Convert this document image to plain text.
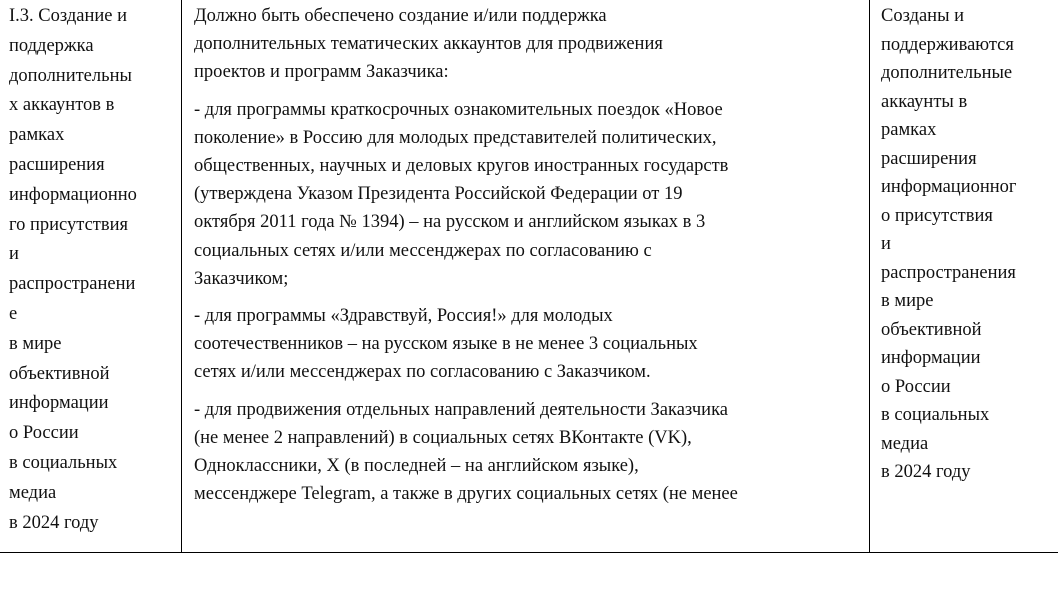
I.3. Создание и
поддержка
дополнительны
х аккаунтов в
рамках
расширения
информационно
го присутствия
и
распространени
е
в мире
объективной
информации
о России
в социальных
медиа
в 2024 году

Должно быть обеспечено создание и/или поддержка
дополнительных тематических аккаунтов для продвижения
проектов и программ Заказчика:

- для программы краткосрочных ознакомительных поездок «Новое
поколение» в Россию для молодых представителей политических,
общественных, научных и деловых кругов иностранных государств
(утверждена Указом Президента Российской Федерации от 19
октября 2011 года № 1394) – на русском и английском языках в 3
социальных сетях и/или мессенджерах по согласованию с
Заказчиком;

- для программы «Здравствуй, Россия!» для молодых
соотечественников – на русском языке в не менее 3 социальных
сетях и/или мессенджерах по согласованию с Заказчиком.

- для продвижения отдельных направлений деятельности Заказчика
(не менее 2 направлений) в социальных сетях ВКонтакте (VK),
Одноклассники, X (в последней – на английском языке),
мессенджере Telegram, а также в других социальных сетях (не менее

Созданы и
поддерживаются
дополнительные
аккаунты в
рамках
расширения
информационног
о присутствия
и
распространения
в мире
объективной
информации
о России
в социальных
медиа
в 2024 году
